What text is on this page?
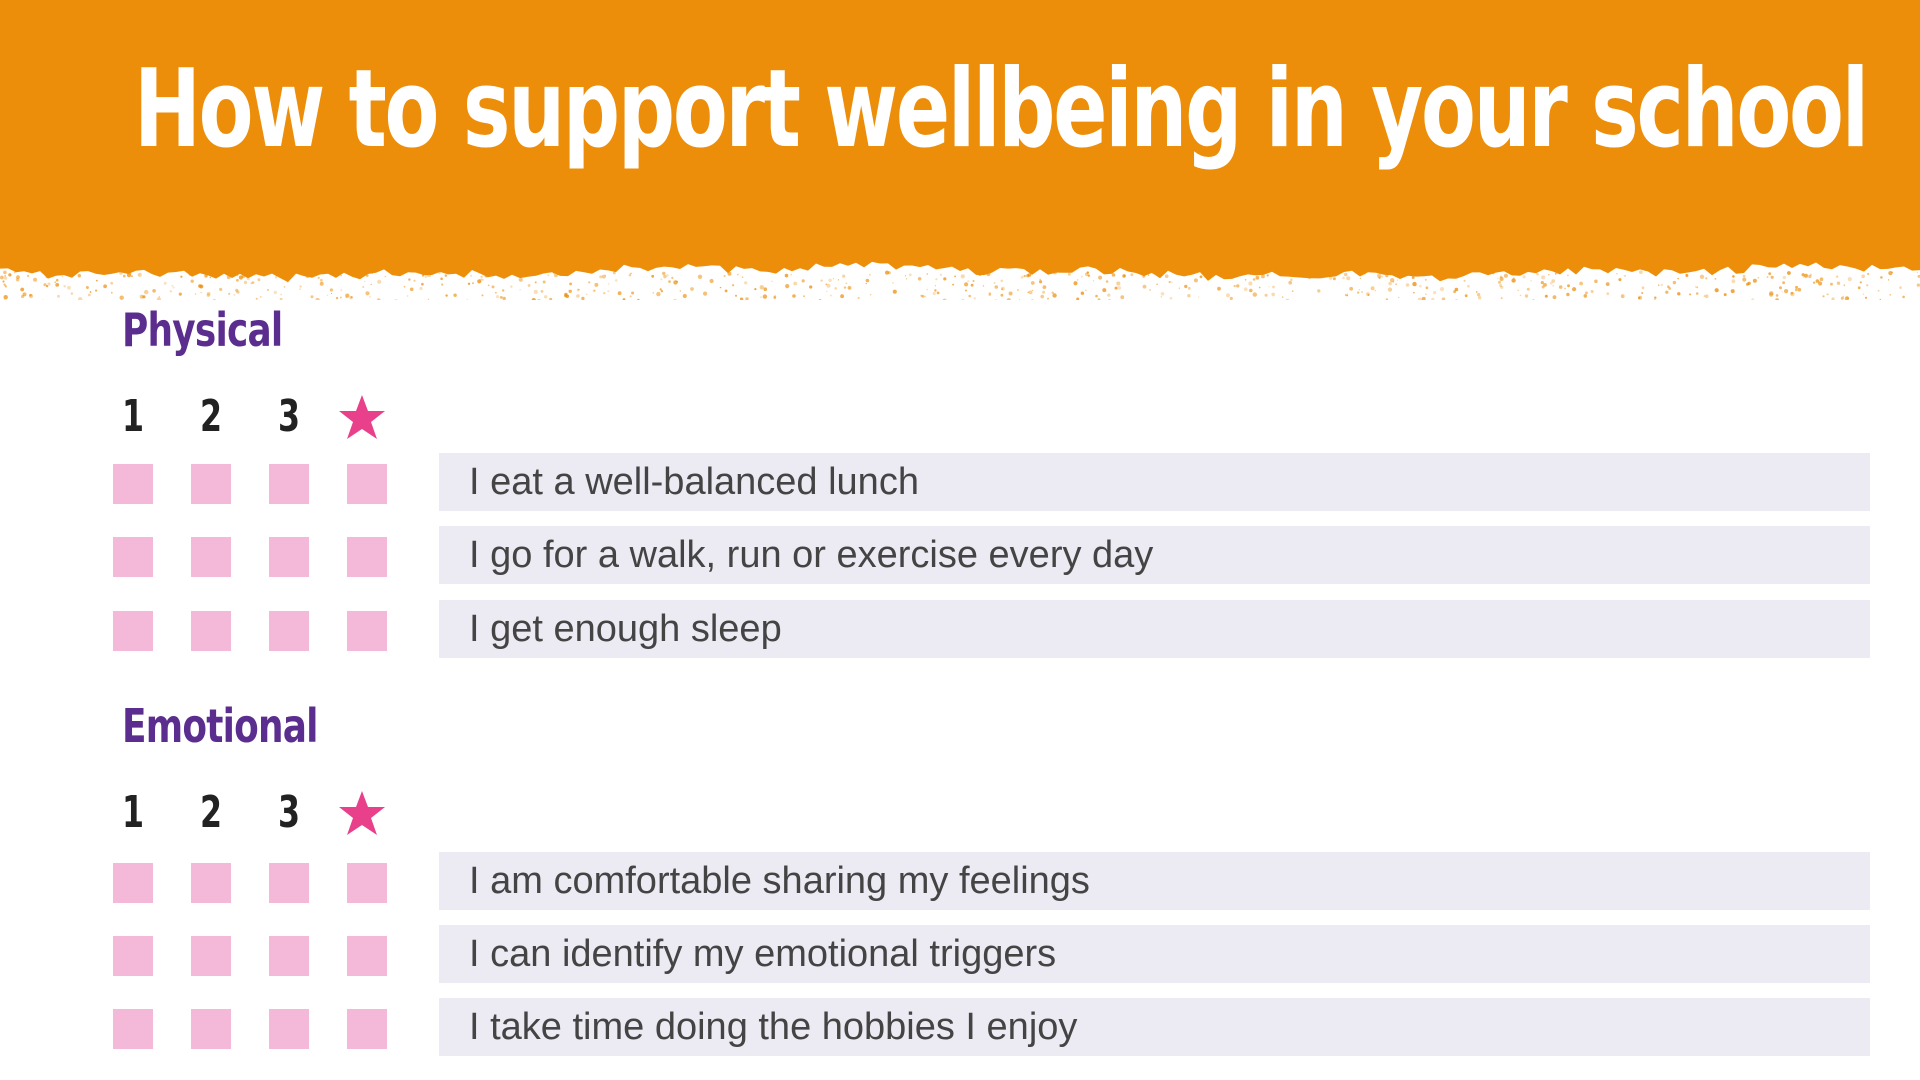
How to support wellbeing in your school
Physical
1 2 3
I eat a well-balanced lunch
I go for a walk, run or exercise every day
I get enough sleep
Emotional
1 2 3
I am comfortable sharing my feelings
I can identify my emotional triggers
I take time doing the hobbies I enjoy
